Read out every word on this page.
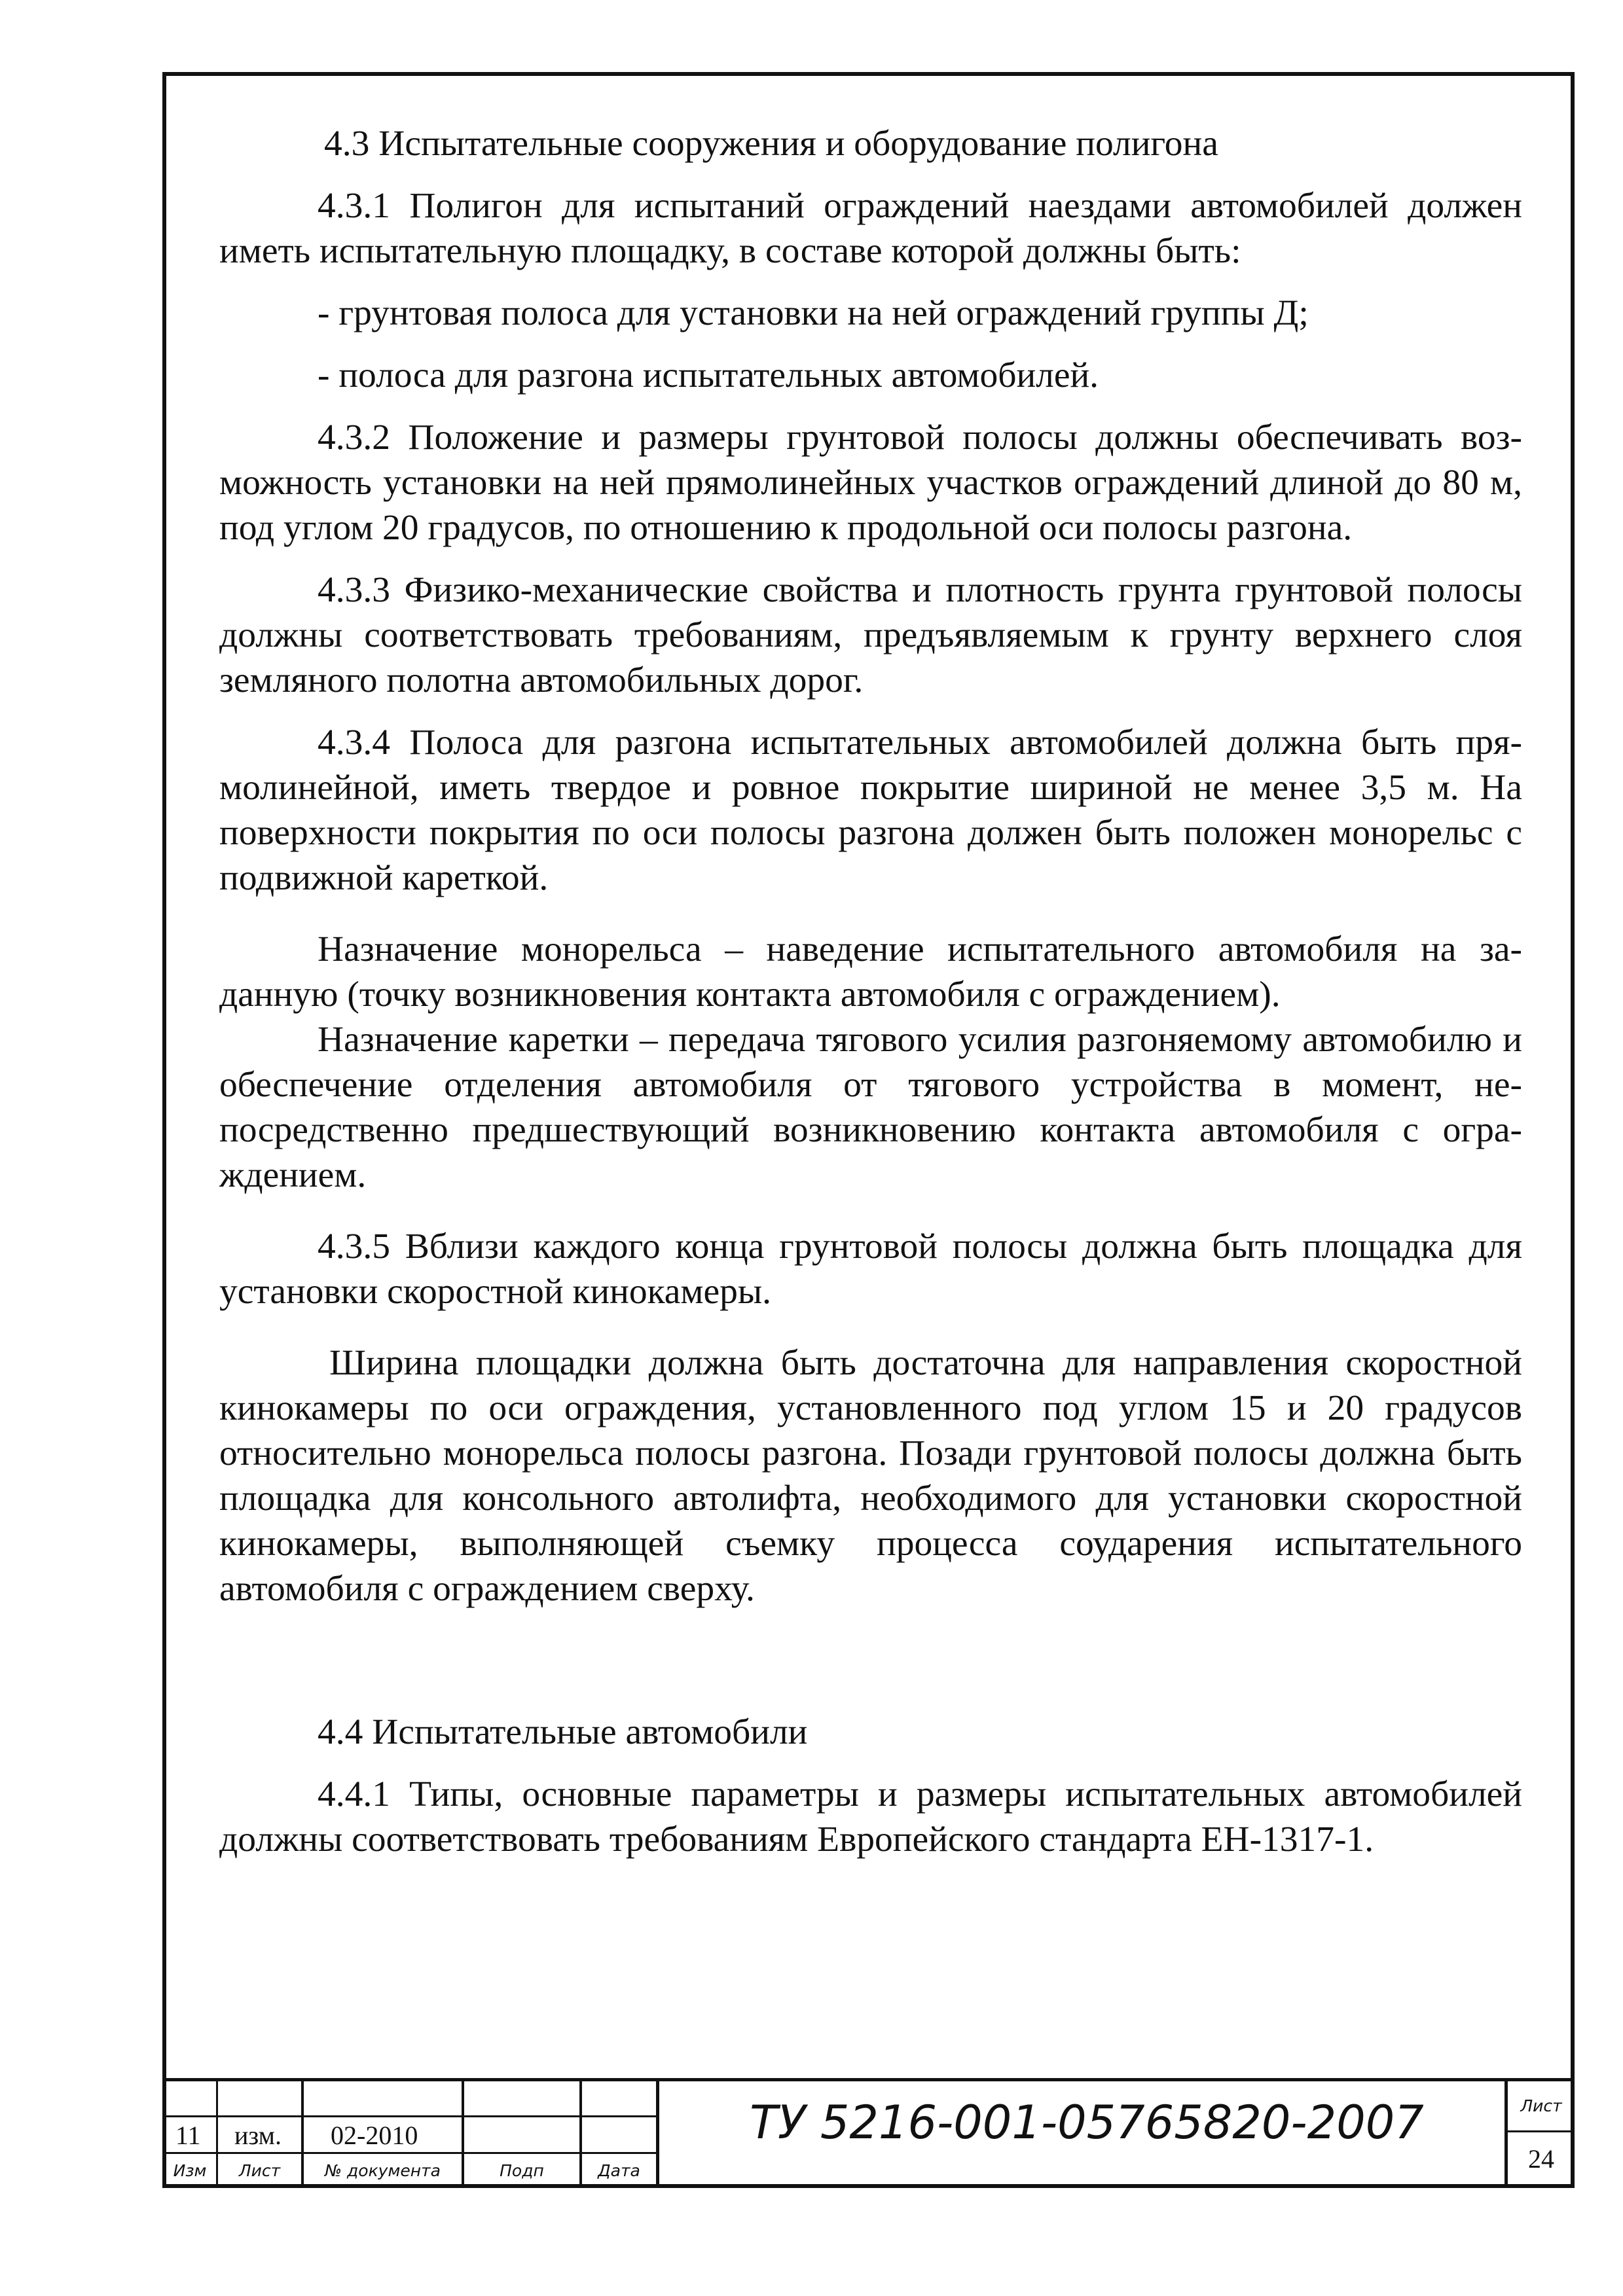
4.3 Испытательные сооружения и оборудование полигона

4.3.1 Полигон для испытаний ограждений наездами автомобилей должен иметь испытательную площадку, в составе которой должны быть:

- грунтовая полоса для установки на ней ограждений группы Д;

- полоса для разгона испытательных автомобилей.

4.3.2 Положение и размеры грунтовой полосы должны обеспечивать возможность установки на ней прямолинейных участков ограждений длиной до 80 м, под углом 20 градусов, по отношению к продольной оси полосы разгона.

4.3.3 Физико-механические свойства и плотность грунта грунтовой полосы должны соответствовать требованиям, предъявляемым к грунту верхнего слоя земляного полотна автомобильных дорог.

4.3.4 Полоса для разгона испытательных автомобилей должна быть прямолинейной, иметь твердое и ровное покрытие шириной не менее 3,5 м. На поверхности покрытия по оси полосы разгона должен быть положен монорельс с подвижной кареткой.

Назначение монорельса – наведение испытательного автомобиля на заданную (точку возникновения контакта автомобиля с ограждением).

Назначение каретки – передача тягового усилия разгоняемому автомобилю и обеспечение отделения автомобиля от тягового устройства в момент, непосредственно предшествующий возникновению контакта автомобиля с ограждением.

4.3.5 Вблизи каждого конца грунтовой полосы должна быть площадка для установки скоростной кинокамеры.

Ширина площадки должна быть достаточна для направления скоростной кинокамеры по оси ограждения, установленного под углом 15 и 20 градусов относительно монорельса полосы разгона. Позади грунтовой полосы должна быть площадка для консольного автолифта, необходимого для установки скоростной кинокамеры, выполняющей съемку процесса соударения испытательного автомобиля с ограждением сверху.

4.4 Испытательные автомобили

4.4.1 Типы, основные параметры и размеры испытательных автомобилей должны соответствовать требованиям Европейского стандарта ЕН-1317-1.

11	изм.	02-2010
Изм	Лист	№ документа	Подп	Дата
ТУ 5216-001-05765820-2007	Лист
24
